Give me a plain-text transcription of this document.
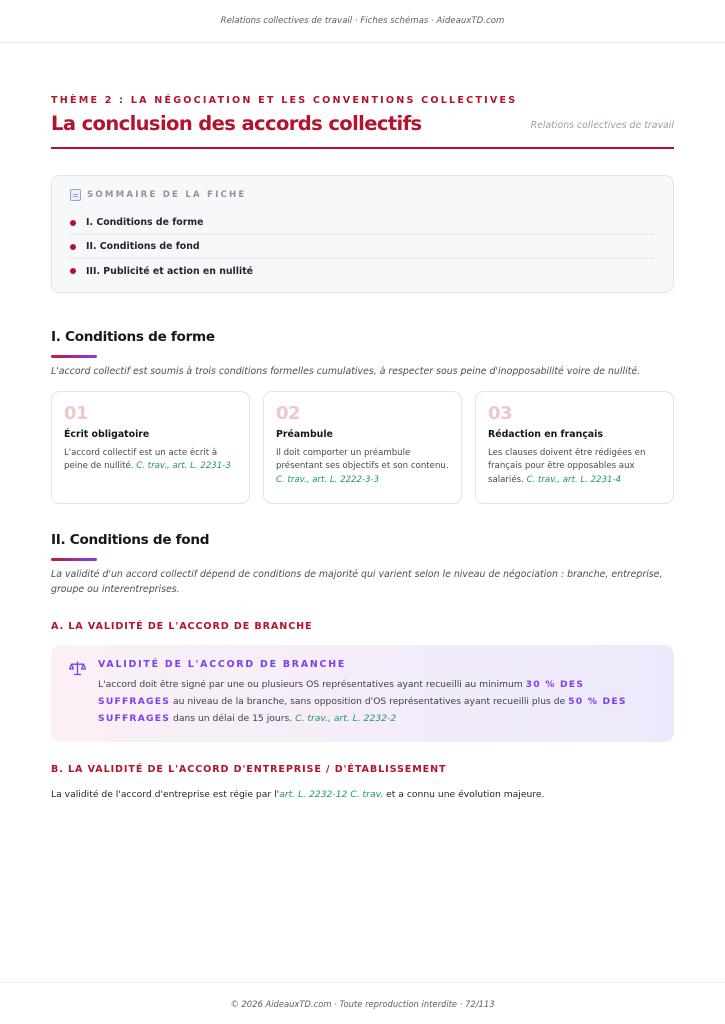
Relations collectives de travail · Fiches schémas · AideauxTD.com
THÈME 2 : LA NÉGOCIATION ET LES CONVENTIONS COLLECTIVES
La conclusion des accords collectifs	Relations collectives de travail
SOMMAIRE DE LA FICHE
I. Conditions de forme
II. Conditions de fond
III. Publicité et action en nullité
I. Conditions de forme

L'accord collectif est soumis à trois conditions formelles cumulatives, à respecter sous peine d'inopposabilité voire de nullité.

01
Écrit obligatoire

L'accord collectif est un acte écrit à peine de nullité. C. trav., art. L. 2231-3

02
Préambule

Il doit comporter un préambule présentant ses objectifs et son contenu. C. trav., art. L. 2222-3-3

03
Rédaction en français

Les clauses doivent être rédigées en français pour être opposables aux salariés. C. trav., art. L. 2231-4

II. Conditions de fond

La validité d'un accord collectif dépend de conditions de majorité qui varient selon le niveau de négociation : branche, entreprise, groupe ou interentreprises.

A. LA VALIDITÉ DE L'ACCORD DE BRANCHE
VALIDITÉ DE L'ACCORD DE BRANCHE

L'accord doit être signé par une ou plusieurs OS représentatives ayant recueilli au minimum 30 % DES SUFFRAGES au niveau de la branche, sans opposition d'OS représentatives ayant recueilli plus de 50 % DES SUFFRAGES dans un délai de 15 jours. C. trav., art. L. 2232-2

B. LA VALIDITÉ DE L'ACCORD D'ENTREPRISE / D'ÉTABLISSEMENT

La validité de l'accord d'entreprise est régie par l'art. L. 2232-12 C. trav. et a connu une évolution majeure.

© 2026 AideauxTD.com · Toute reproduction interdite · 72/113
